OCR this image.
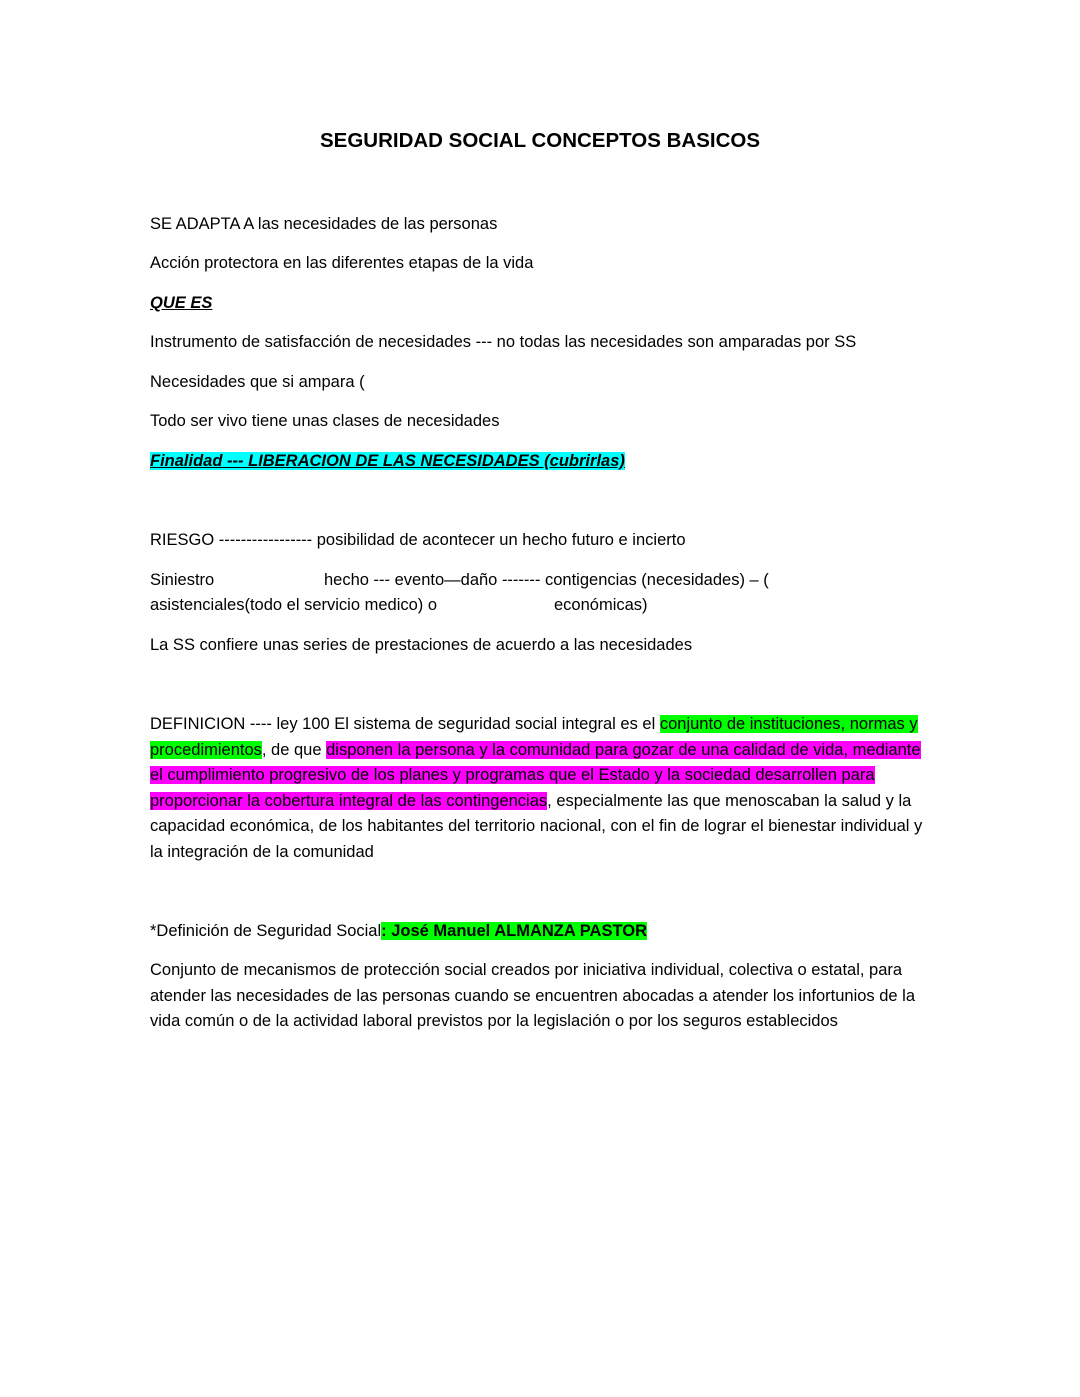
SEGURIDAD SOCIAL CONCEPTOS BASICOS

SE ADAPTA A las necesidades de las personas

Acción protectora en las diferentes etapas de la vida

QUE ES

Instrumento de satisfacción de necesidades --- no todas las necesidades son amparadas por SS

Necesidades que si ampara (

Todo ser vivo tiene unas clases de necesidades

Finalidad --- LIBERACION DE LAS NECESIDADES (cubrirlas)

RIESGO ----------------- posibilidad de acontecer un hecho futuro e incierto

Siniestro	hecho --- evento—daño ------- contigencias (necesidades) – (

asistenciales(todo el servicio medico) o	económicas)

La SS confiere unas series de prestaciones de acuerdo a las necesidades

DEFINICION ---- ley 100 El sistema de seguridad social integral es el conjunto de instituciones, normas y procedimientos, de que disponen la persona y la comunidad para gozar de una calidad de vida, mediante el cumplimiento progresivo de los planes y programas que el Estado y la sociedad desarrollen para proporcionar la cobertura integral de las contingencias, especialmente las que menoscaban la salud y la capacidad económica, de los habitantes del territorio nacional, con el fin de lograr el bienestar individual y la integración de la comunidad

*Definición de Seguridad Social: José Manuel ALMANZA PASTOR

Conjunto de mecanismos de protección social creados por iniciativa individual, colectiva o estatal, para atender las necesidades de las personas cuando se encuentren abocadas a atender los infortunios de la vida común o de la actividad laboral previstos por la legislación o por los seguros establecidos
